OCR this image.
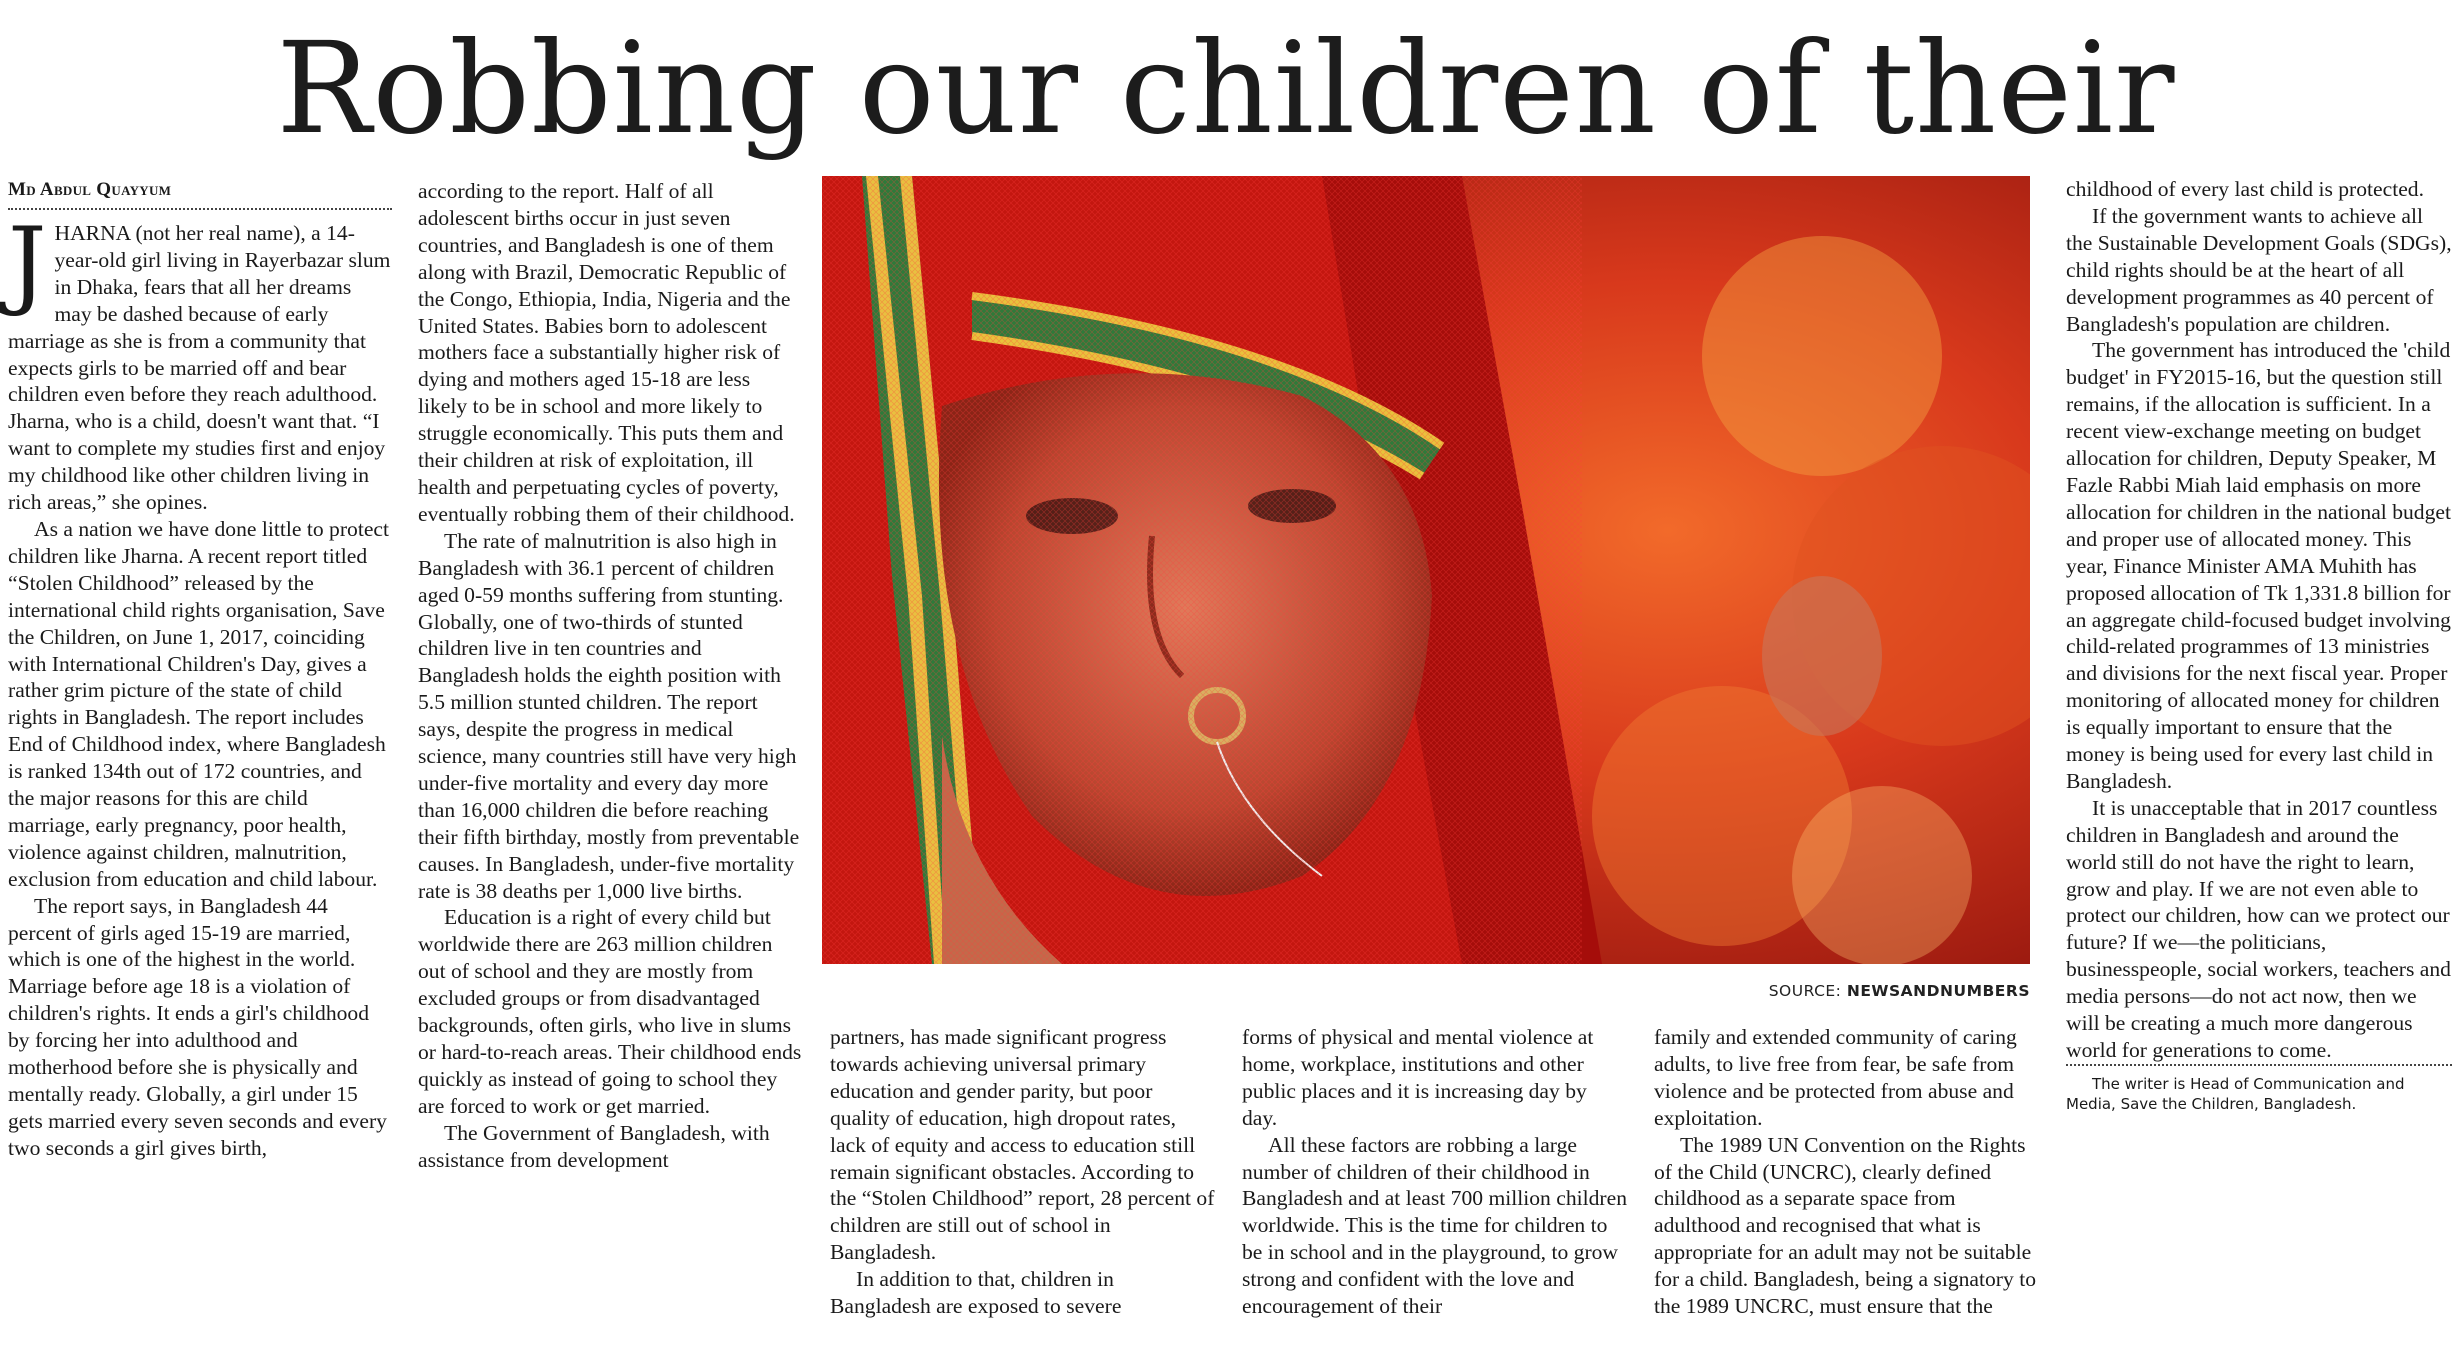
Robbing our children of their
Md Abdul Quayyum

JHARNA (not her real name), a 14-year-old girl living in Rayerbazar slum in Dhaka, fears that all her dreams may be dashed because of early marriage as she is from a community that expects girls to be married off and bear children even before they reach adulthood. Jharna, who is a child, doesn't want that. “I want to complete my studies first and enjoy my childhood like other children living in rich areas,” she opines.

As a nation we have done little to protect children like Jharna. A recent report titled “Stolen Childhood” released by the international child rights organisation, Save the Children, on June 1, 2017, coinciding with International Children's Day, gives a rather grim picture of the state of child rights in Bangladesh. The report includes End of Childhood index, where Bangladesh is ranked 134th out of 172 countries, and the major reasons for this are child marriage, early pregnancy, poor health, violence against children, malnutrition, exclusion from education and child labour.

The report says, in Bangladesh 44 percent of girls aged 15-19 are married, which is one of the highest in the world. Marriage before age 18 is a violation of children's rights. It ends a girl's childhood by forcing her into adulthood and motherhood before she is physically and mentally ready. Globally, a girl under 15 gets married every seven seconds and every two seconds a girl gives birth,

according to the report. Half of all adolescent births occur in just seven countries, and Bangladesh is one of them along with Brazil, Democratic Republic of the Congo, Ethiopia, India, Nigeria and the United States. Babies born to adolescent mothers face a substantially higher risk of dying and mothers aged 15-18 are less likely to be in school and more likely to struggle economically. This puts them and their children at risk of exploitation, ill health and perpetuating cycles of poverty, eventually robbing them of their childhood.

The rate of malnutrition is also high in Bangladesh with 36.1 percent of children aged 0-59 months suffering from stunting. Globally, one of two-thirds of stunted children live in ten countries and Bangladesh holds the eighth position with 5.5 million stunted children. The report says, despite the progress in medical science, many countries still have very high under-five mortality and every day more than 16,000 children die before reaching their fifth birthday, mostly from preventable causes. In Bangladesh, under-five mortality rate is 38 deaths per 1,000 live births.

Education is a right of every child but worldwide there are 263 million children out of school and they are mostly from excluded groups or from disadvantaged backgrounds, often girls, who live in slums or hard-to-reach areas. Their childhood ends quickly as instead of going to school they are forced to work or get married.

The Government of Bangladesh, with assistance from development

SOURCE: NEWSANDNUMBERS

partners, has made significant progress towards achieving universal primary education and gender parity, but poor quality of education, high dropout rates, lack of equity and access to education still remain significant obstacles. According to the “Stolen Childhood” report, 28 percent of children are still out of school in Bangladesh.

In addition to that, children in Bangladesh are exposed to severe

forms of physical and mental violence at home, workplace, institutions and other public places and it is increasing day by day.

All these factors are robbing a large number of children of their childhood in Bangladesh and at least 700 million children worldwide. This is the time for children to be in school and in the playground, to grow strong and confident with the love and encouragement of their

family and extended community of caring adults, to live free from fear, be safe from violence and be protected from abuse and exploitation.

The 1989 UN Convention on the Rights of the Child (UNCRC), clearly defined childhood as a separate space from adulthood and recognised that what is appropriate for an adult may not be suitable for a child. Bangladesh, being a signatory to the 1989 UNCRC, must ensure that the

childhood of every last child is protected.

If the government wants to achieve all the Sustainable Development Goals (SDGs), child rights should be at the heart of all development programmes as 40 percent of Bangladesh's population are children.

The government has introduced the 'child budget' in FY2015-16, but the question still remains, if the allocation is sufficient. In a recent view-exchange meeting on budget allocation for children, Deputy Speaker, M Fazle Rabbi Miah laid emphasis on more allocation for children in the national budget and proper use of allocated money. This year, Finance Minister AMA Muhith has proposed allocation of Tk 1,331.8 billion for an aggregate child-focused budget involving child-related programmes of 13 ministries and divisions for the next fiscal year. Proper monitoring of allocated money for children is equally important to ensure that the money is being used for every last child in Bangladesh.

It is unacceptable that in 2017 countless children in Bangladesh and around the world still do not have the right to learn, grow and play. If we are not even able to protect our children, how can we protect our future? If we—the politicians, businesspeople, social workers, teachers and media persons—do not act now, then we will be creating a much more dangerous world for generations to come.

The writer is Head of Communication and Media, Save the Children, Bangladesh.
